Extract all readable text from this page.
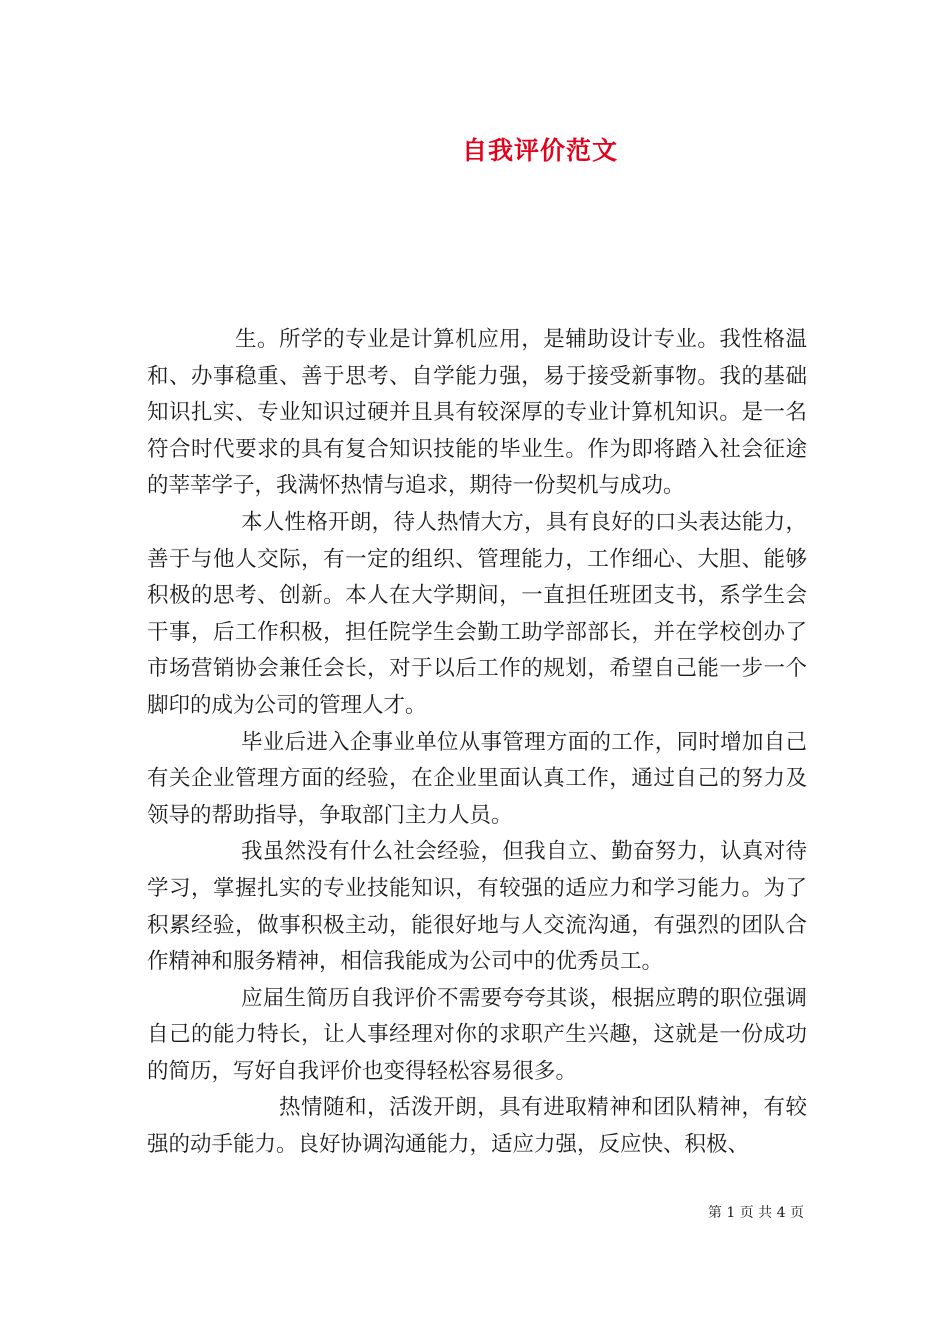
自我评价范文

生。所学的专业是计算机应用，是辅助设计专业。我性格温和、办事稳重、善于思考、自学能力强，易于接受新事物。我的基础知识扎实、专业知识过硬并且具有较深厚的专业计算机知识。是一名符合时代要求的具有复合知识技能的毕业生。作为即将踏入社会征途的莘莘学子，我满怀热情与追求，期待一份契机与成功。

本人性格开朗，待人热情大方，具有良好的口头表达能力，善于与他人交际，有一定的组织、管理能力，工作细心、大胆、能够积极的思考、创新。本人在大学期间，一直担任班团支书，系学生会干事，后工作积极，担任院学生会勤工助学部部长，并在学校创办了市场营销协会兼任会长，对于以后工作的规划，希望自己能一步一个脚印的成为公司的管理人才。

毕业后进入企事业单位从事管理方面的工作，同时增加自己有关企业管理方面的经验，在企业里面认真工作，通过自己的努力及领导的帮助指导，争取部门主力人员。

我虽然没有什么社会经验，但我自立、勤奋努力，认真对待学习，掌握扎实的专业技能知识，有较强的适应力和学习能力。为了积累经验，做事积极主动，能很好地与人交流沟通，有强烈的团队合作精神和服务精神，相信我能成为公司中的优秀员工。

应届生简历自我评价不需要夸夸其谈，根据应聘的职位强调自己的能力特长，让人事经理对你的求职产生兴趣，这就是一份成功的简历，写好自我评价也变得轻松容易很多。

热情随和，活泼开朗，具有进取精神和团队精神，有较强的动手能力。良好协调沟通能力，适应力强，反应快、积极、

第 1 页 共 4 页
